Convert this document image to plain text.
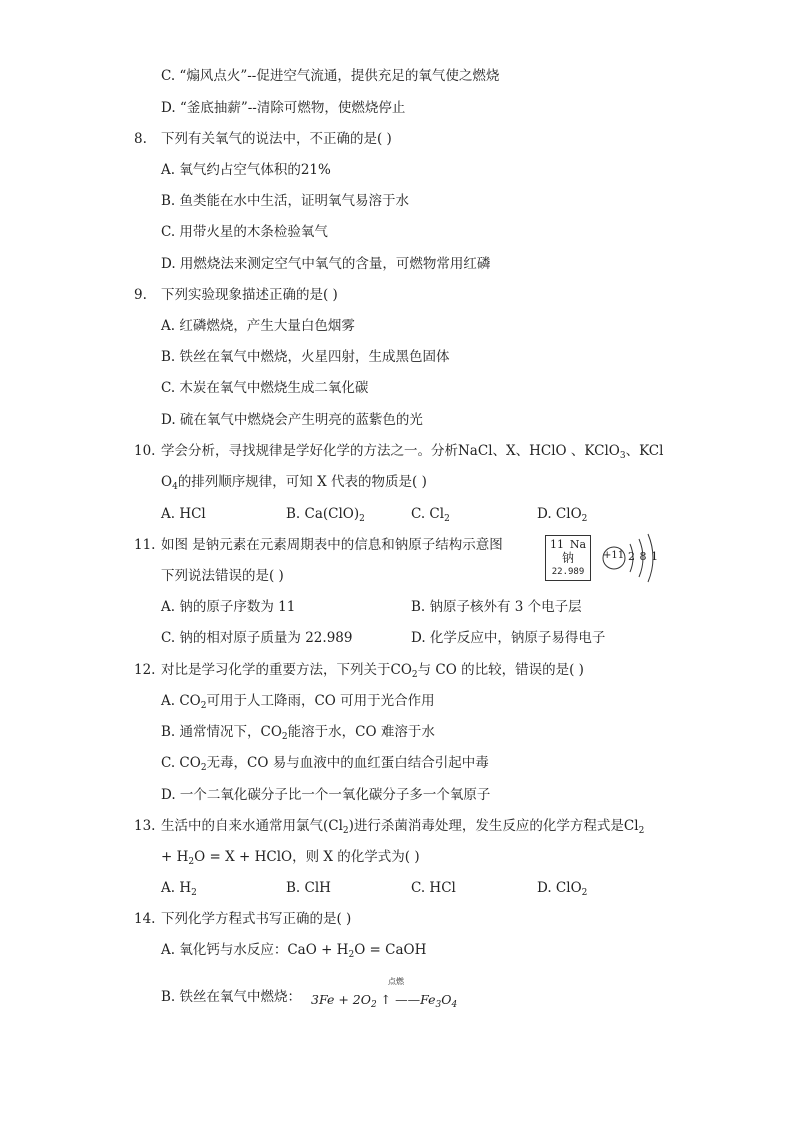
C. “煽风点火”--促进空气流通，提供充足的氧气使之燃烧
D. “釜底抽薪”--清除可燃物，使燃烧停止
8. 下列有关氧气的说法中，不正确的是( )
A. 氧气约占空气体积的21%
B. 鱼类能在水中生活，证明氧气易溶于水
C. 用带火星的木条检验氧气
D. 用燃烧法来测定空气中氧气的含量，可燃物常用红磷
9. 下列实验现象描述正确的是( )
A. 红磷燃烧，产生大量白色烟雾
B. 铁丝在氧气中燃烧，火星四射，生成黑色固体
C. 木炭在氧气中燃烧生成二氧化碳
D. 硫在氧气中燃烧会产生明亮的蓝紫色的光
10. 学会分析，寻找规律是学好化学的方法之一。分析NaCl、X、HClO 、KClO$_3$、KCl
$O_4$的排列顺序规律，可知 X 代表的物质是( )
A. HCl	B. $Ca(ClO)_2$	C. $Cl_2$	D. ClO$_2$
11. 如图 是钠元素在元素周期表中的信息和钠原子结构示意图
下列说法错误的是( )
11 Na
钠
22.989
+11 2 8 1
A. 钠的原子序数为 11	B. 钠原子核外有 3 个电子层
C. 钠的相对原子质量为 22.989	D. 化学反应中，钠原子易得电子
12. 对比是学习化学的重要方法，下列关于$CO_2$与 CO 的比较，错误的是( )
A. $CO_2$可用于人工降雨，CO 可用于光合作用
B. 通常情况下，$CO_2$能溶于水，CO 难溶于水
C. $CO_2$无毒，CO 易与血液中的血红蛋白结合引起中毒
D. 一个二氧化碳分子比一个一氧化碳分子多一个氧原子
13. 生活中的自来水通常用氯气$(Cl_2)$进行杀菌消毒处理，发生反应的化学方程式是$Cl_2$
+ $H_2O = X$ + HClO，则 X 的化学式为( )
A. $H_2$	B. ClH	C. HCl	D. ClO$_2$
14. 下列化学方程式书写正确的是( )
A. 氧化钙与水反应：CaO + $H_2O$ = CaOH
B. 铁丝在氧气中燃烧：
点燃
$3Fe + 2O_2$ ↑ $——Fe_3O_4$
